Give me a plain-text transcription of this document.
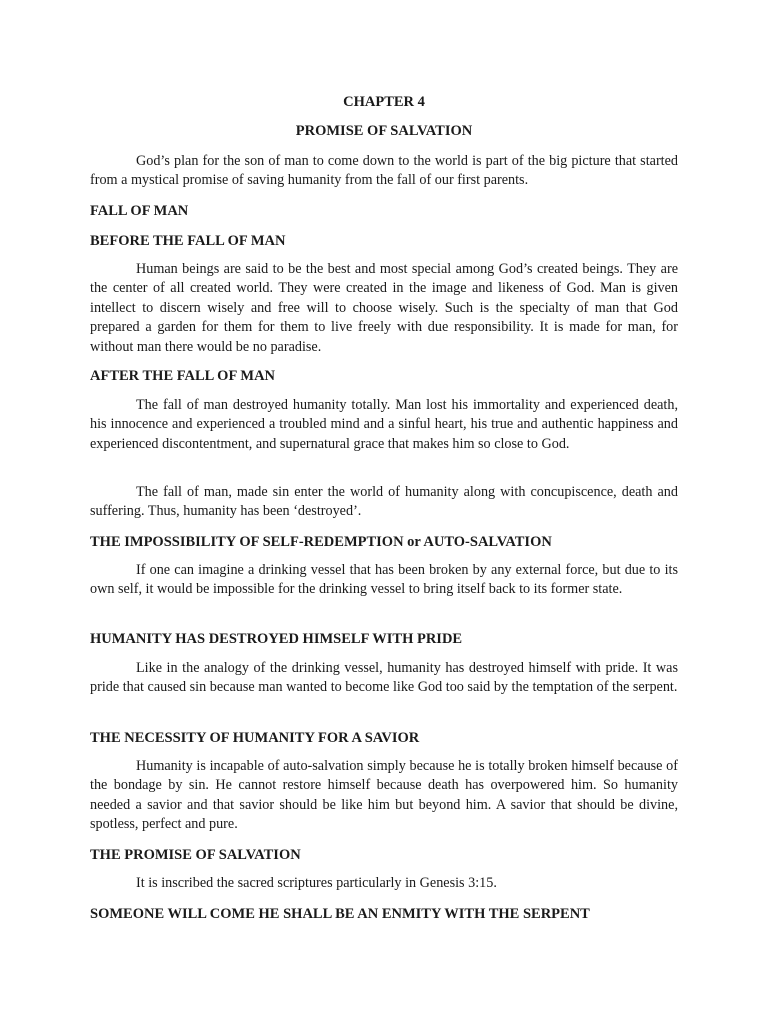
CHAPTER 4

PROMISE OF SALVATION

God’s plan for the son of man to come down to the world is part of the big picture that started from a mystical promise of saving humanity from the fall of our first parents.

FALL OF MAN

BEFORE THE FALL OF MAN

Human beings are said to be the best and most special among God’s created beings. They are the center of all created world. They were created in the image and likeness of God. Man is given intellect to discern wisely and free will to choose wisely. Such is the specialty of man that God prepared a garden for them for them to live freely with due responsibility. It is made for man, for without man there would be no paradise.

AFTER THE FALL OF MAN

The fall of man destroyed humanity totally. Man lost his immortality and experienced death, his innocence and experienced a troubled mind and a sinful heart, his true and authentic happiness and experienced discontentment, and supernatural grace that makes him so close to God.

The fall of man, made sin enter the world of humanity along with concupiscence, death and suffering. Thus, humanity has been ‘destroyed’.

THE IMPOSSIBILITY OF SELF-REDEMPTION or AUTO-SALVATION

If one can imagine a drinking vessel that has been broken by any external force, but due to its own self, it would be impossible for the drinking vessel to bring itself back to its former state.

HUMANITY HAS DESTROYED HIMSELF WITH PRIDE

Like in the analogy of the drinking vessel, humanity has destroyed himself with pride. It was pride that caused sin because man wanted to become like God too said by the temptation of the serpent.

THE NECESSITY OF HUMANITY FOR A SAVIOR

Humanity is incapable of auto-salvation simply because he is totally broken himself because of the bondage by sin. He cannot restore himself because death has overpowered him. So humanity needed a savior and that savior should be like him but beyond him. A savior that should be divine, spotless, perfect and pure.

THE PROMISE OF SALVATION

It is inscribed the sacred scriptures particularly in Genesis 3:15.

SOMEONE WILL COME HE SHALL BE AN ENMITY WITH THE SERPENT
